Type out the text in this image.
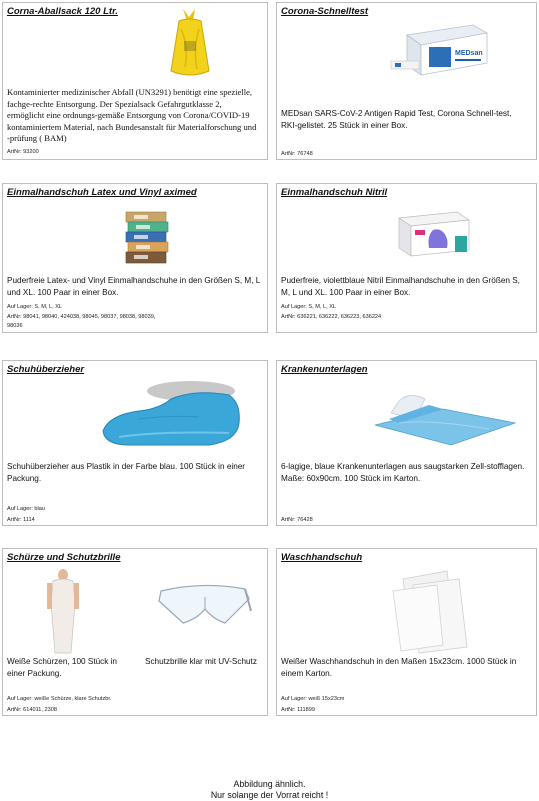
Corna-Aballsack 120 Ltr.
Kontaminierter medizinischer Abfall (UN3291) benötigt eine spezielle, fachge-rechte Entsorgung. Der Spezialsack Gefahrgutklasse 2, ermöglicht eine ordnungs-gemäße Entsorgung von Corona/COVID-19 kontaminiertem Material, nach Bundesanstalt für Materialforschung und -prüfung ( BAM)
ArtNr: 93200
Corona-Schnelltest
MEDsan
MEDsan SARS-CoV-2 Antigen Rapid Test, Corona Schnell-test, RKI-gelistet. 25 Stück in einer Box.
ArtNr: 76748
Einmalhandschuh Latex und Vinyl aximed
Puderfreie Latex- und Vinyl Einmalhandschuhe in den Größen S, M, L und XL. 100 Paar in einer Box.
Auf Lager: S, M, L, XL
ArtNr: 98041, 98040, 424038, 98045, 98037, 98038, 98039, 98036
Einmalhandschuh Nitril
Puderfreie, violettblaue Nitril Einmalhandschuhe in den Größen S, M, L und XL. 100 Paar in einer Box.
Auf Lager: S, M, L, XL
ArtNr: 636221, 636222, 636223, 636224
Schuhüberzieher
Schuhüberzieher aus Plastik in der Farbe blau. 100 Stück in einer Packung.
Auf Lager: blau
ArtNr: 1114
Krankenunterlagen
6-lagige, blaue Krankenunterlagen aus saugstarken Zell-stofflagen. Maße: 60x90cm. 100 Stück im Karton.
ArtNr: 76428
Schürze und Schutzbrille
Weiße Schürzen, 100 Stück in einer Packung.
Schutzbrille klar mit UV-Schutz
Auf Lager: weiße Schürze, klare Schutzbr.
ArtNr: 614011, 2308
Waschhandschuh
Weißer Waschhandschuh in den Maßen 15x23cm. 1000 Stück in einem Karton.
Auf Lager: weiß 15x23cm
ArtNr: 111899
Abbildung ähnlich.
Nur solange der Vorrat reicht !
